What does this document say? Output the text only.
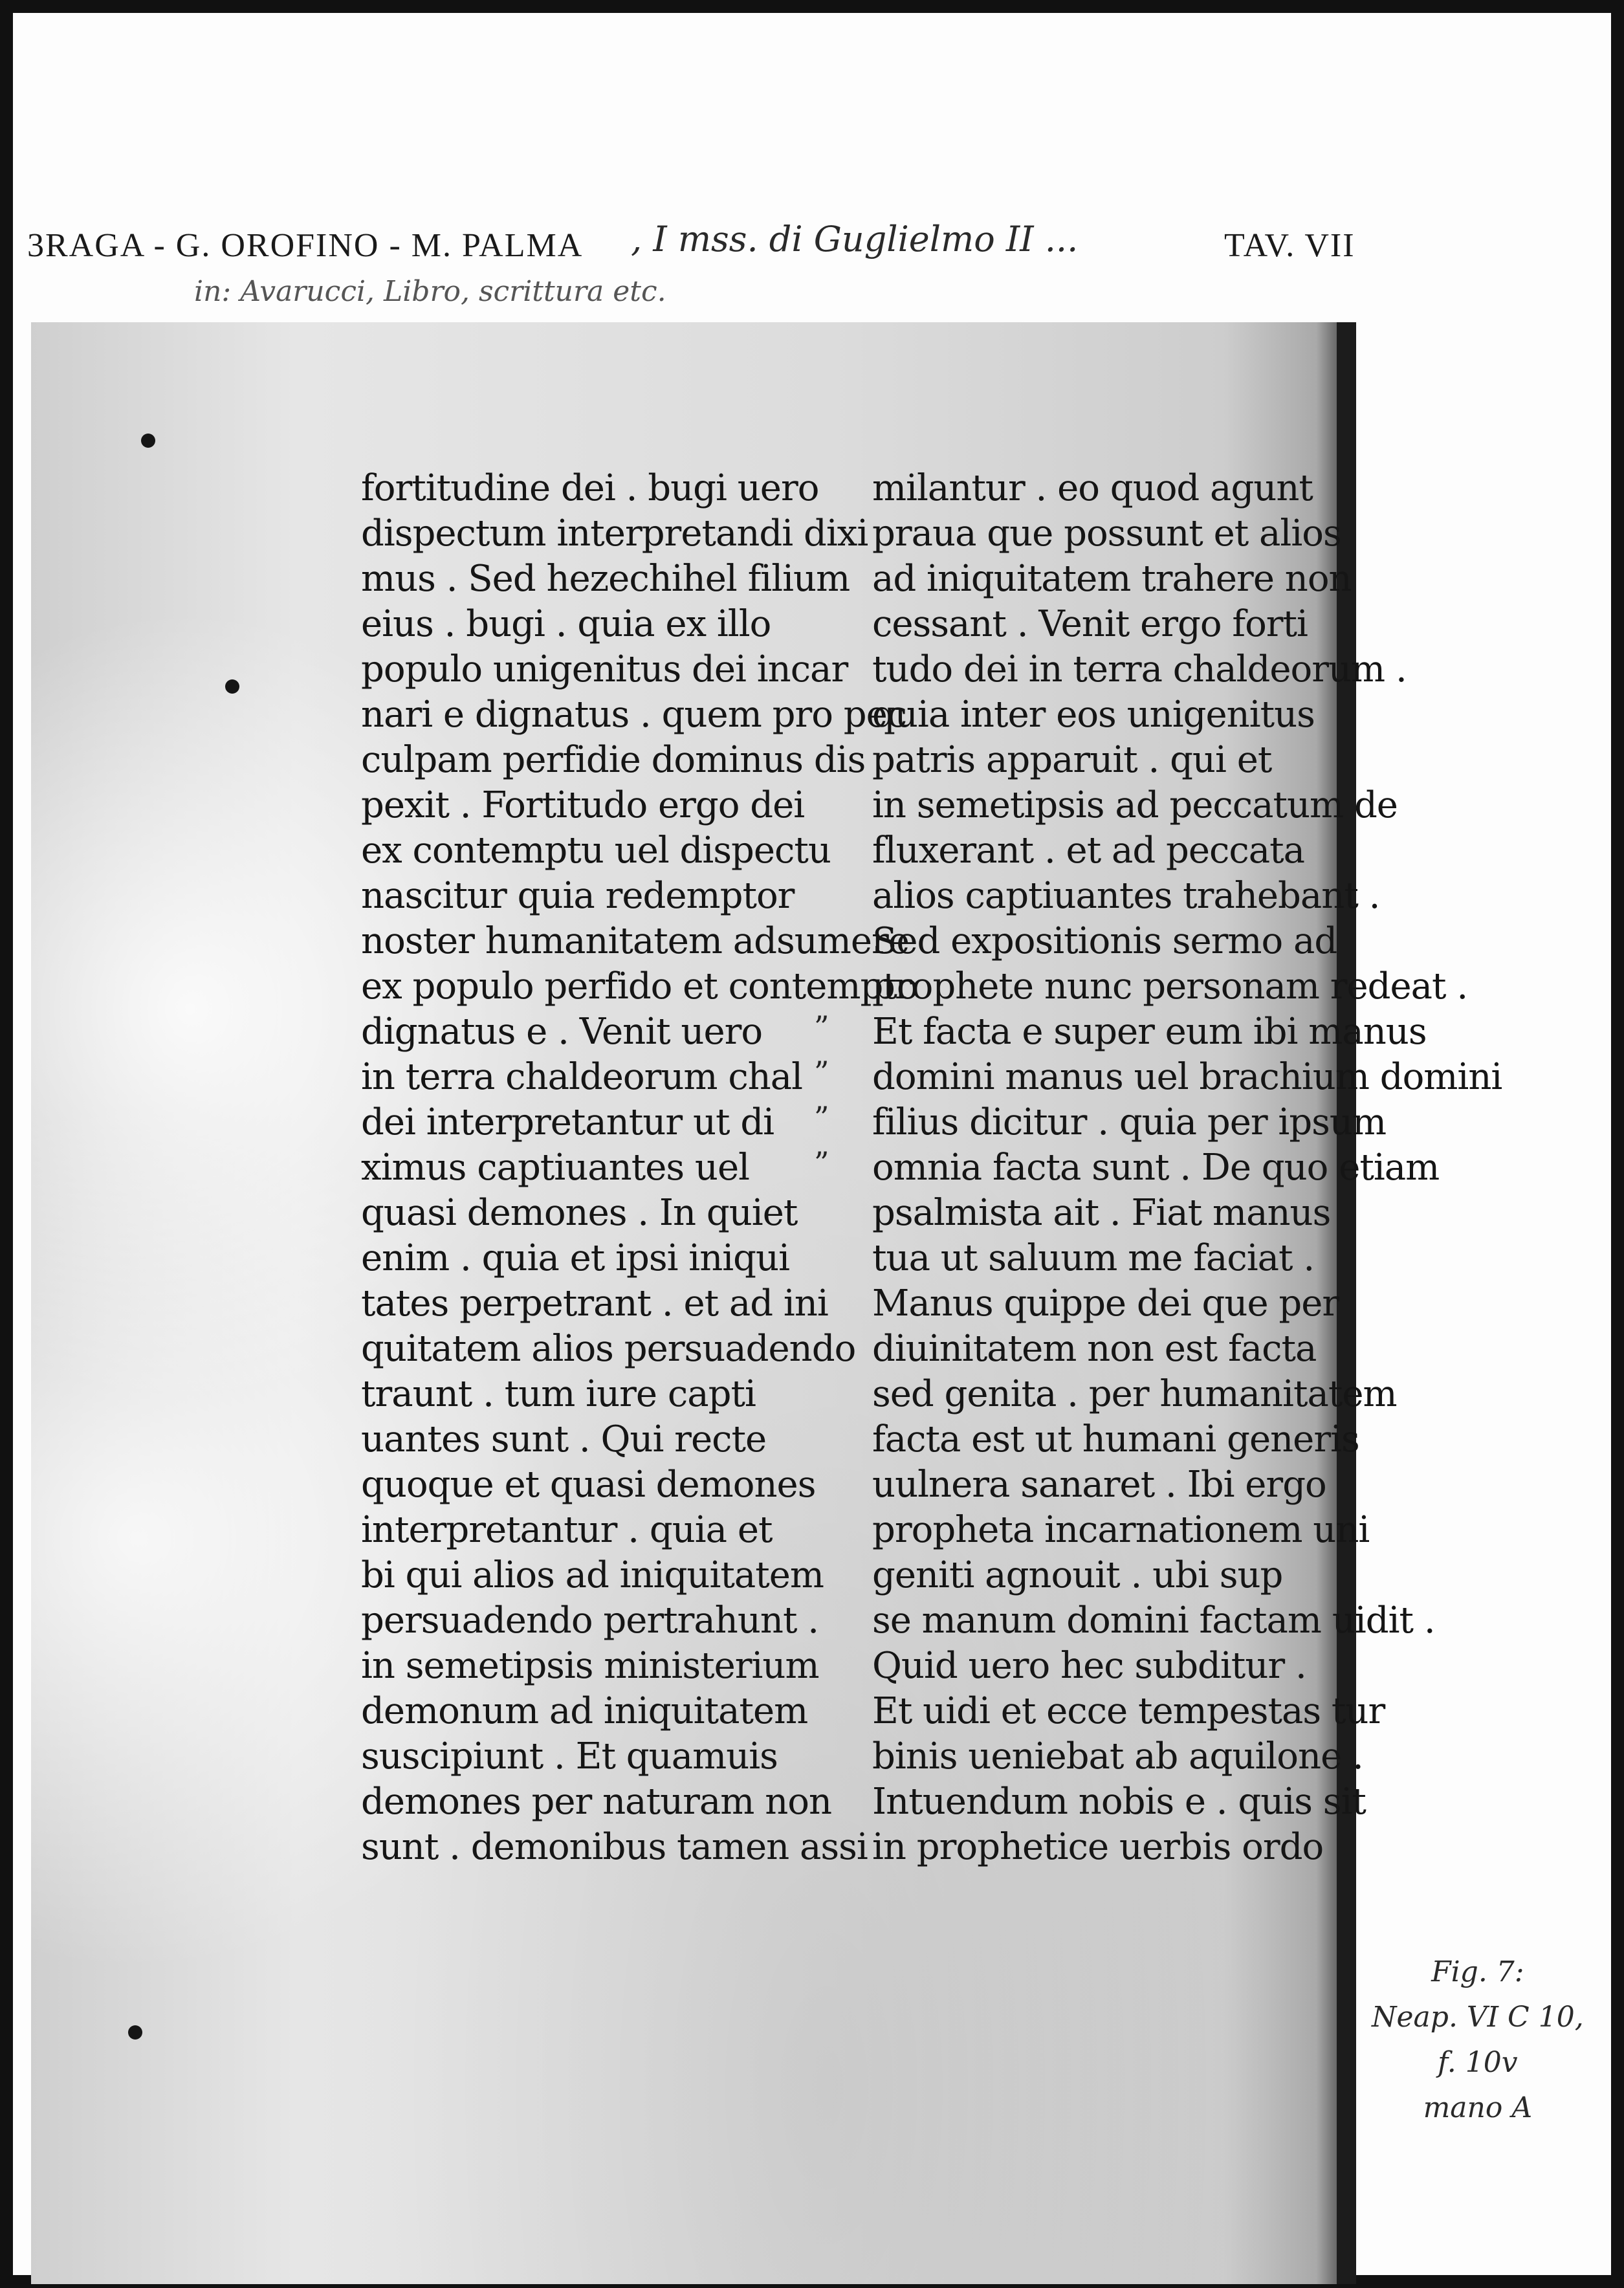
3RAGA - G. OROFINO - M. PALMA , I mss. di Guglielmo II ...	TAV. VII
in: Avarucci, Libro, scrittura etc.
fortitudine dei . bugi uero
dispectum interpretandi dixi
mus . Sed hezechihel filium
eius . bugi . quia ex illo
populo unigenitus dei incar
nari e dignatus . quem pro pec
culpam perfidie dominus dis
pexit . Fortitudo ergo dei
ex contemptu uel dispectu
nascitur quia redemptor
noster humanitatem adsumere
ex populo perfido et contempto
dignatus e . Venit uero
in terra chaldeorum chal
dei interpretantur ut di
ximus captiuantes uel
quasi demones . In quiet
enim . quia et ipsi iniqui
tates perpetrant . et ad ini
quitatem alios persuadendo
traunt . tum iure capti
uantes sunt . Qui recte
quoque et quasi demones
interpretantur . quia et
bi qui alios ad iniquitatem
persuadendo pertrahunt .
in semetipsis ministerium
demonum ad iniquitatem
suscipiunt . Et quamuis
demones per naturam non
sunt . demonibus tamen assi
milantur . eo quod agunt
praua que possunt et alios
ad iniquitatem trahere non
cessant . Venit ergo forti
tudo dei in terra chaldeorum .
quia inter eos unigenitus
patris apparuit . qui et
in semetipsis ad peccatum de
fluxerant . et ad peccata
alios captiuantes trahebant .
Sed expositionis sermo ad
prophete nunc personam redeat .
Et facta e super eum ibi manus
domini manus uel brachium domini
filius dicitur . quia per ipsum
omnia facta sunt . De quo etiam
psalmista ait . Fiat manus
tua ut saluum me faciat .
Manus quippe dei que per
diuinitatem non est facta
sed genita . per humanitatem
facta est ut humani generis
uulnera sanaret . Ibi ergo
propheta incarnationem uni
geniti agnouit . ubi sup
se manum domini factam uidit .
Quid uero hec subditur .
Et uidi et ecce tempestas tur
binis ueniebat ab aquilone .
Intuendum nobis e . quis sit
in prophetice uerbis ordo
”
”
”
”
Fig. 7:
Neap. VI C 10,
f. 10v
mano A
